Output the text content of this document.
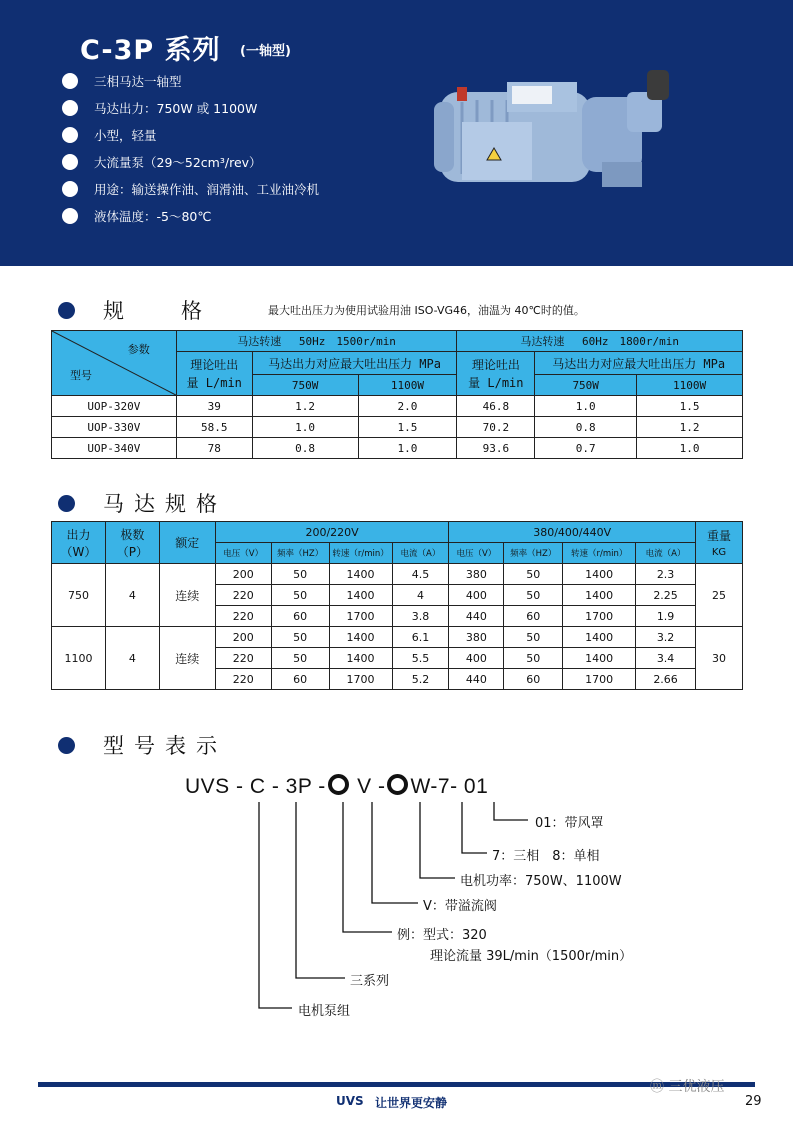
C-3P 系列 (一轴型)
三相马达一轴型
马达出力：750W 或 1100W
小型，轻量
大流量泵（29～52cm³/rev）
用途：输送操作油、润滑油、工业油冷机
液体温度：-5～80℃
规　格	最大吐出压力为使用试验用油 ISO-VG46，油温为 40℃时的值。
参数
型号	马达转速　 50Hz　1500r/min			马达转速　 60Hz　1800r/min		
	理论吐出
量 L/min	马达出力对应最大吐出压力 MPa		理论吐出
量 L/min	马达出力对应最大吐出压力 MPa	
		750W	1100W		750W	1100W
UOP-320V	39	1.2	2.0	46.8	1.0	1.5
UOP-330V	58.5	1.0	1.5	70.2	0.8	1.2
UOP-340V	78	0.8	1.0	93.6	0.7	1.0
马达规格
出力
（W）	极数
（P）	额定	200/220V				380/400/440V				重量
KG
			电压（V）	频率（HZ）	转速（r/min）	电流（A）	电压（V）	频率（HZ）	转速（r/min）	电流（A）	
750	4	连续	200	50	1400	4.5	380	50	1400	2.3	25
			220	50	1400	4	400	50	1400	2.25	
			220	60	1700	3.8	440	60	1700	1.9	
1100	4	连续	200	50	1400	6.1	380	50	1400	3.2	30
			220	50	1400	5.5	400	50	1400	3.4	
			220	60	1700	5.2	440	60	1700	2.66	
型号表示
UVS - C - 3P - V - W-7- 01
01：带风罩
7：三相　8：单相
电机功率：750W、1100W
V：带溢流阀
例：型式：320
理论流量 39L/min（1500r/min）
三系列
电机泵组
UVS 让世界更安静
ⓜ 三优液压
29
